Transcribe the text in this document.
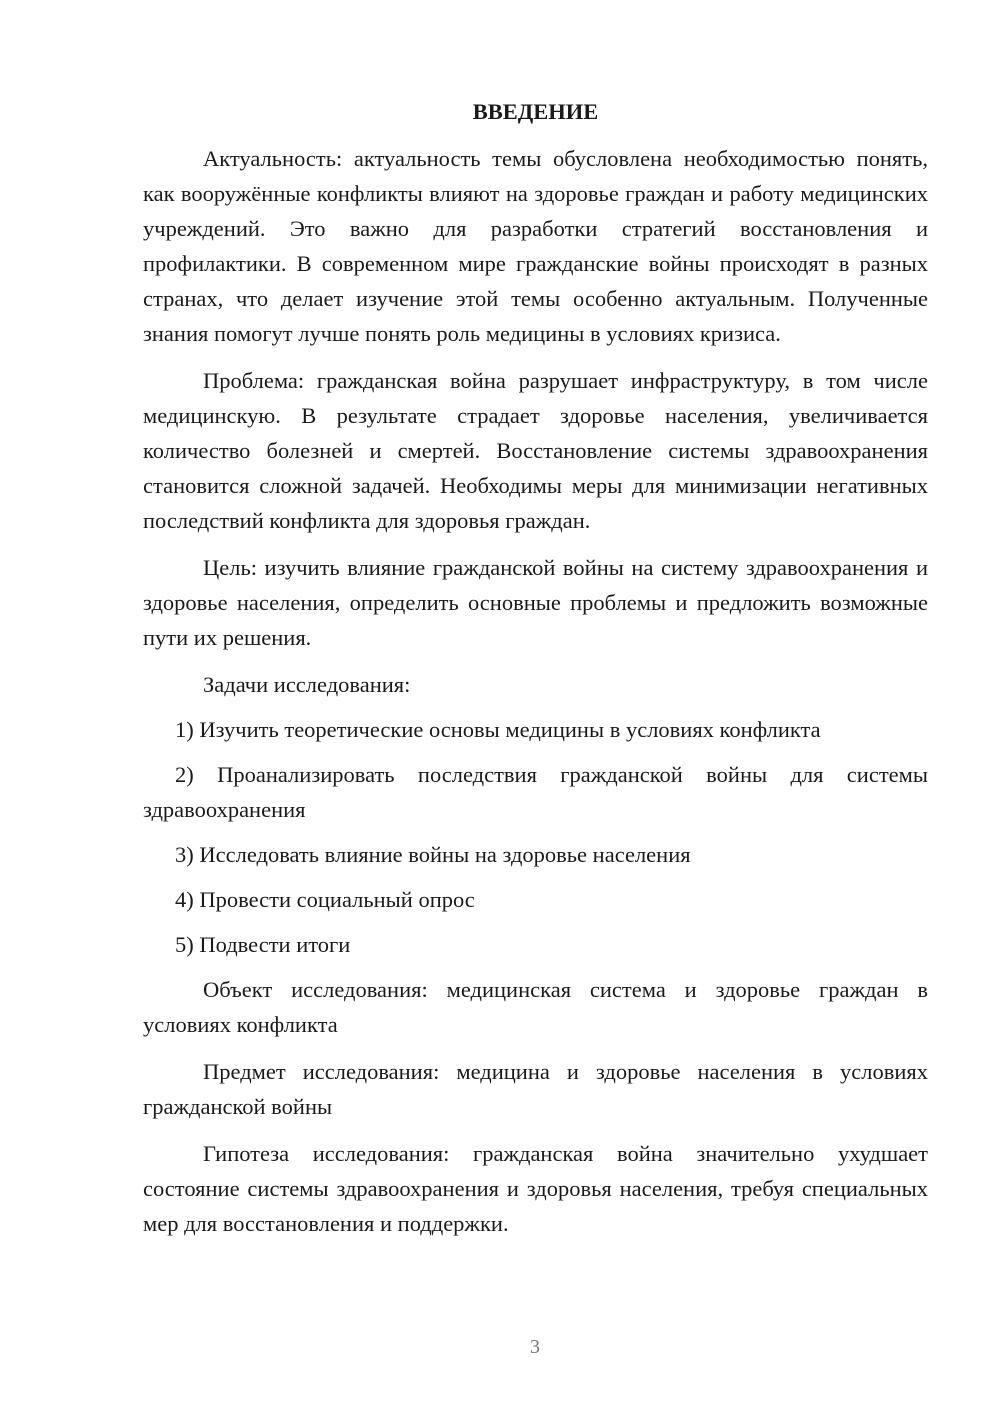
ВВЕДЕНИЕ

Актуальность: актуальность темы обусловлена необходимостью понять, как вооружённые конфликты влияют на здоровье граждан и работу медицинских учреждений. Это важно для разработки стратегий восстановления и профилактики. В современном мире гражданские войны происходят в разных странах, что делает изучение этой темы особенно актуальным. Полученные знания помогут лучше понять роль медицины в условиях кризиса.

Проблема: гражданская война разрушает инфраструктуру, в том числе медицинскую. В результате страдает здоровье населения, увеличивается количество болезней и смертей. Восстановление системы здравоохранения становится сложной задачей. Необходимы меры для минимизации негативных последствий конфликта для здоровья граждан.

Цель: изучить влияние гражданской войны на систему здравоохранения и здоровье населения, определить основные проблемы и предложить возможные пути их решения.

Задачи исследования:

1) Изучить теоретические основы медицины в условиях конфликта

2) Проанализировать последствия гражданской войны для системы здравоохранения

3) Исследовать влияние войны на здоровье населения

4) Провести социальный опрос

5) Подвести итоги

Объект исследования: медицинская система и здоровье граждан в условиях конфликта

Предмет исследования: медицина и здоровье населения в условиях гражданской войны

Гипотеза исследования: гражданская война значительно ухудшает состояние системы здравоохранения и здоровья населения, требуя специальных мер для восстановления и поддержки.

3
